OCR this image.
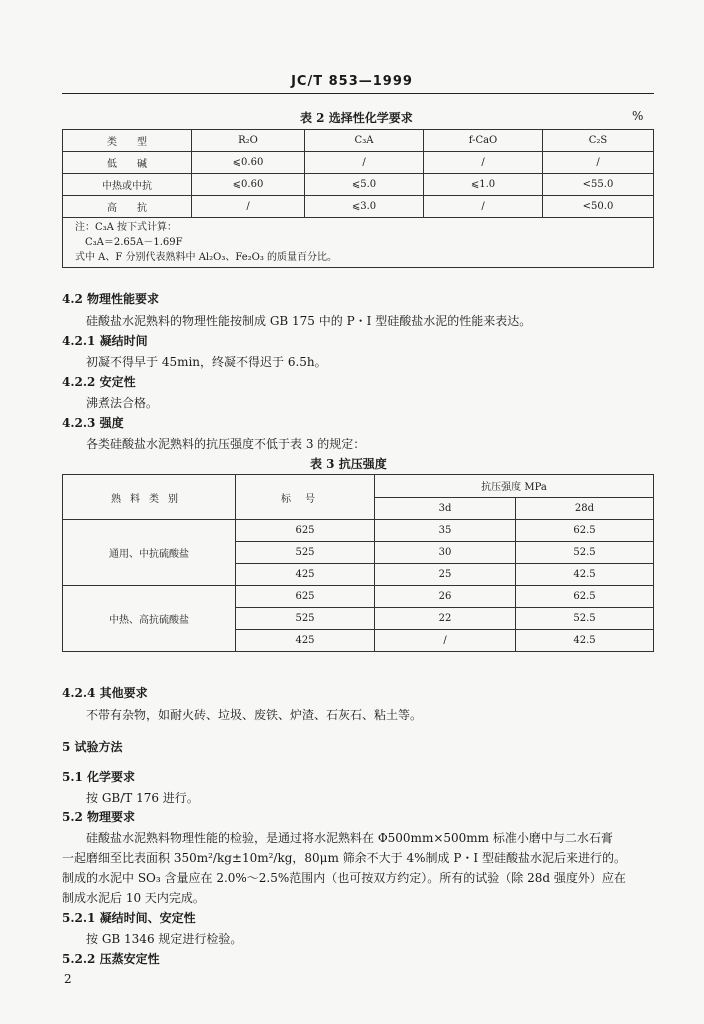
JC/T 853—1999
表 2 选择性化学要求	%
类　　型	R₂O	C₃A	f-CaO	C₂S
低　　碱	⩽0.60	/	/	/
中热或中抗	⩽0.60	⩽5.0	⩽1.0	<55.0
高　　抗	/	⩽3.0	/	<50.0

注：C₃A 按下式计算：
C₃A＝2.65A－1.69F
式中 A、F 分别代表熟料中 Al₂O₃、Fe₂O₃ 的质量百分比。				
4.2 物理性能要求
硅酸盐水泥熟料的物理性能按制成 GB 175 中的 P・I 型硅酸盐水泥的性能来表达。
4.2.1 凝结时间
初凝不得早于 45min，终凝不得迟于 6.5h。
4.2.2 安定性
沸煮法合格。
4.2.3 强度
各类硅酸盐水泥熟料的抗压强度不低于表 3 的规定：
表 3 抗压强度
熟料类别	标号	抗压强度 MPa	
		3d	28d
通用、中抗硫酸盐	625	35	62.5
	525	30	52.5
	425	25	42.5
中热、高抗硫酸盐	625	26	62.5
	525	22	52.5
	425	/	42.5
4.2.4 其他要求
不带有杂物，如耐火砖、垃圾、废铁、炉渣、石灰石、粘土等。
5 试验方法
5.1 化学要求
按 GB/T 176 进行。
5.2 物理要求
硅酸盐水泥熟料物理性能的检验，是通过将水泥熟料在 Φ500mm×500mm 标准小磨中与二水石膏
一起磨细至比表面积 350m²/kg±10m²/kg，80μm 筛余不大于 4%制成 P・I 型硅酸盐水泥后来进行的。
制成的水泥中 SO₃ 含量应在 2.0%～2.5%范围内（也可按双方约定）。所有的试验（除 28d 强度外）应在
制成水泥后 10 天内完成。
5.2.1 凝结时间、安定性
按 GB 1346 规定进行检验。
5.2.2 压蒸安定性
2
